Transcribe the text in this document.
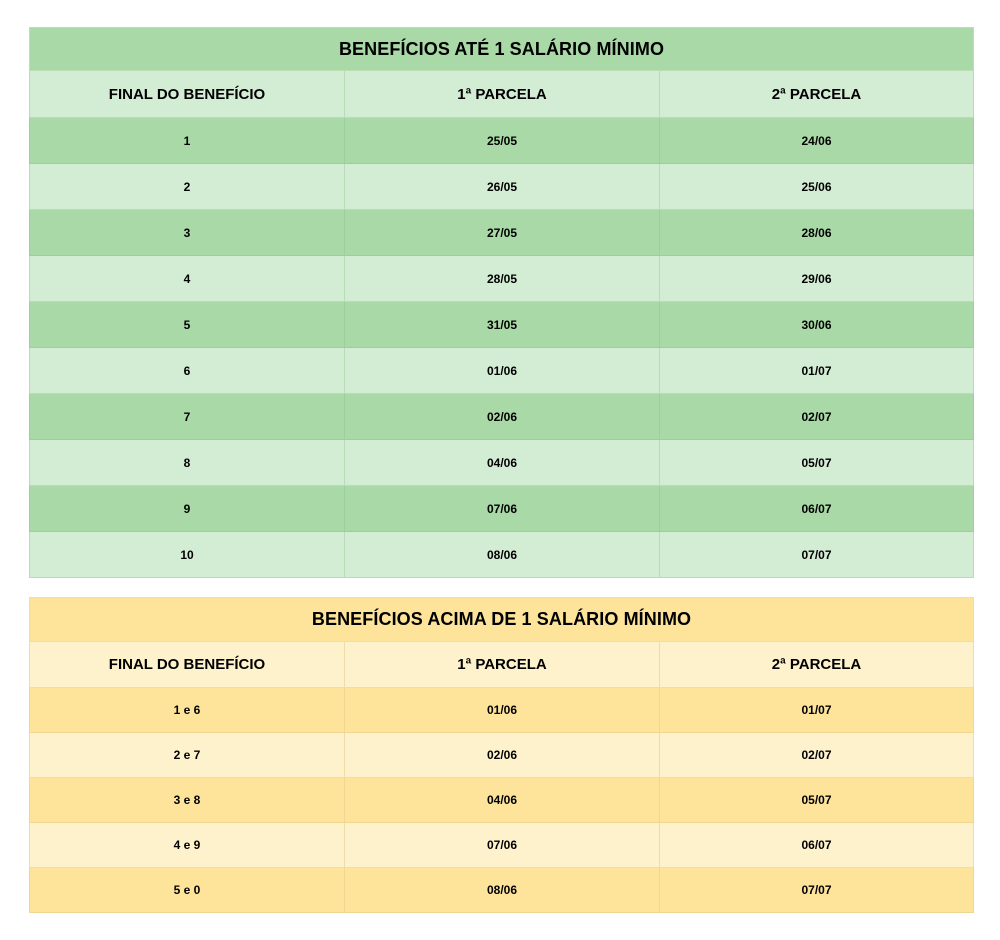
BENEFÍCIOS ATÉ 1 SALÁRIO MÍNIMO		
FINAL DO BENEFÍCIO	1ª PARCELA	2ª PARCELA
1	25/05	24/06
2	26/05	25/06
3	27/05	28/06
4	28/05	29/06
5	31/05	30/06
6	01/06	01/07
7	02/06	02/07
8	04/06	05/07
9	07/06	06/07
10	08/06	07/07
BENEFÍCIOS ACIMA DE 1 SALÁRIO MÍNIMO		
FINAL DO BENEFÍCIO	1ª PARCELA	2ª PARCELA
1 e 6	01/06	01/07
2 e 7	02/06	02/07
3 e 8	04/06	05/07
4 e 9	07/06	06/07
5 e 0	08/06	07/07
